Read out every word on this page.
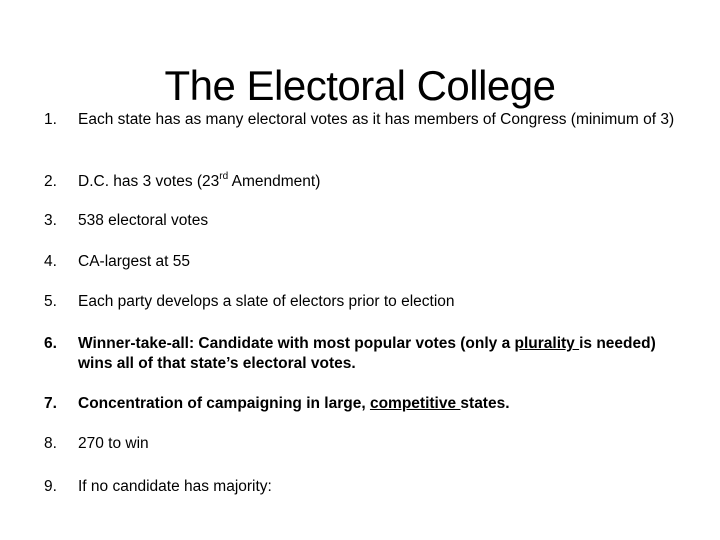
The Electoral College
1.	Each state has as many electoral votes as it has members of Congress (minimum of 3)
2.	D.C. has 3 votes (23rd Amendment)
3.	538 electoral votes
4.	CA-largest at 55
5.	Each party develops a slate of electors prior to election
6.	Winner-take-all: Candidate with most popular votes (only a plurality is needed) wins all of that state’s electoral votes.
7.	Concentration of campaigning in large, competitive states.
8.	270 to win
9.	If no candidate has majority:
